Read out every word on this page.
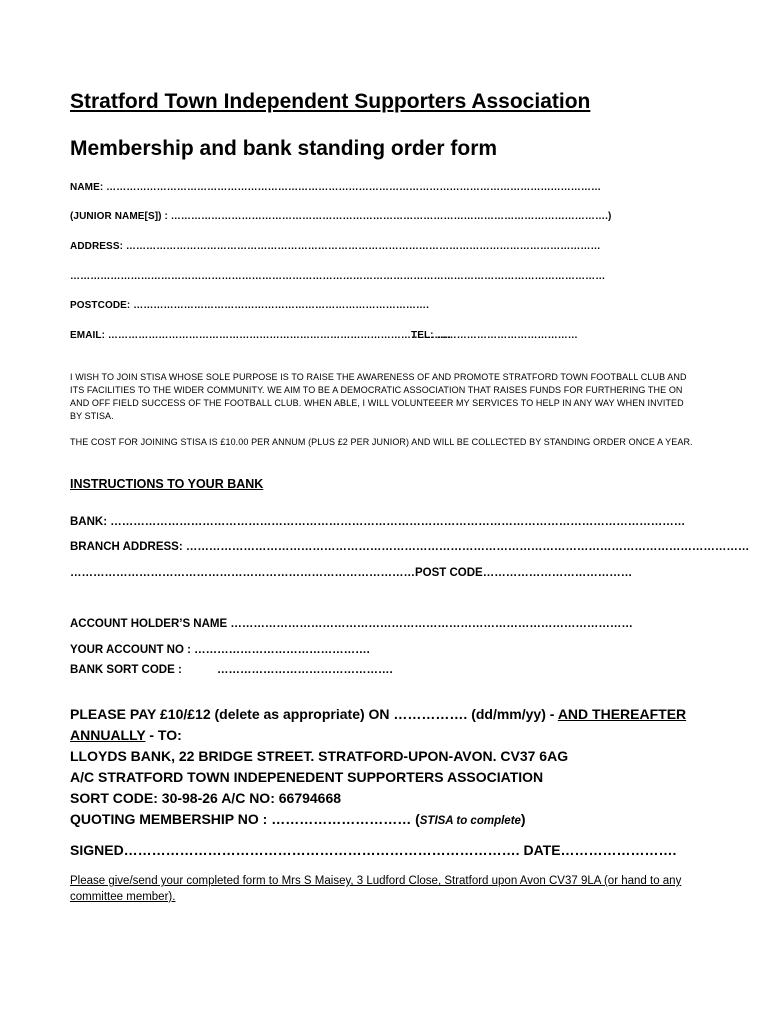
Stratford Town Independent Supporters Association
Membership and bank standing order form
NAME: …………………………………………………………………………………………………………………………………
(JUNIOR NAME[S]) : ………………………………………………………………………………………………………………….)
ADDRESS: ……………………………………………………………………………………………………………………………
……………………………………………………………………………………………………………………………………………
POSTCODE: …………………………………………………………………………….
EMAIL: …………………………………………………………………………………………
TEL: ……………………………………
I WISH TO JOIN STISA WHOSE SOLE PURPOSE IS TO RAISE THE AWARENESS OF AND PROMOTE STRATFORD TOWN FOOTBALL CLUB AND ITS FACILITIES TO THE WIDER COMMUNITY. WE AIM TO BE A DEMOCRATIC ASSOCIATION THAT RAISES FUNDS FOR FURTHERING THE ON AND OFF FIELD SUCCESS OF THE FOOTBALL CLUB. WHEN ABLE, I WILL VOLUNTEEER MY SERVICES TO HELP IN ANY WAY WHEN INVITED BY STISA.
THE COST FOR JOINING STISA IS £10.00 PER ANNUM (PLUS £2 PER JUNIOR) AND WILL BE COLLECTED BY STANDING ORDER ONCE A YEAR.
INSTRUCTIONS TO YOUR BANK
BANK: ……………………………………………………………………………………………………………………………………
BRANCH ADDRESS: …………………………………………………………………………………………………………………………………
………………………………………………………………………………POST CODE…………………………………
ACCOUNT HOLDER’S NAME ……………………………………………………………………………………………
YOUR ACCOUNT NO : ……………………………………….
BANK SORT CODE :	……………………………………….
PLEASE PAY £10/£12 (delete as appropriate) ON ……………. (dd/mm/yy) - AND THEREAFTER ANNUALLY - TO:
LLOYDS BANK, 22 BRIDGE STREET. STRATFORD-UPON-AVON. CV37 6AG
A/C STRATFORD TOWN INDEPENEDENT SUPPORTERS ASSOCIATION
SORT CODE: 30-98-26 A/C NO: 66794668
QUOTING MEMBERSHIP NO : ………………………… (STISA to complete)
SIGNED…………………………………………………………………………. DATE…………………….
Please give/send your completed form to Mrs S Maisey, 3 Ludford Close, Stratford upon Avon CV37 9LA (or hand to any committee member).
